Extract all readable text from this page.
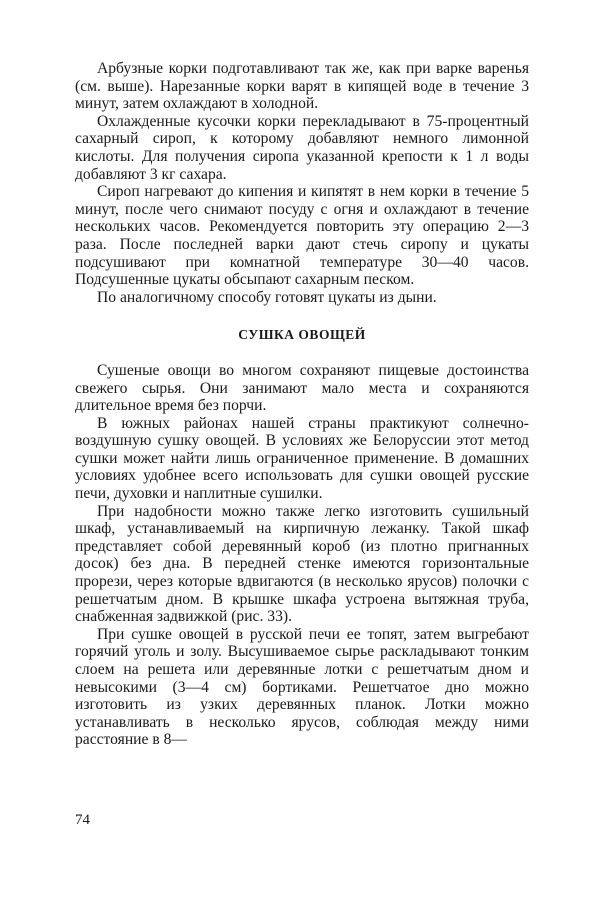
Арбузные корки подготавливают так же, как при варке варенья (см. выше). Нарезанные корки варят в кипящей воде в течение 3 минут, затем охлаждают в холодной.

Охлажденные кусочки корки перекладывают в 75-процентный сахарный сироп, к которому добавляют немного лимонной кислоты. Для получения сиропа указанной крепости к 1 л воды добавляют 3 кг сахара.

Сироп нагревают до кипения и кипятят в нем корки в течение 5 минут, после чего снимают посуду с огня и охлаждают в течение нескольких часов. Рекомендуется повторить эту операцию 2—3 раза. После последней варки дают стечь сиропу и цукаты подсушивают при комнатной температуре 30—40 часов. Подсушенные цукаты обсыпают сахарным песком.

По аналогичному способу готовят цукаты из дыни.

СУШКА ОВОЩЕЙ

Сушеные овощи во многом сохраняют пищевые достоинства свежего сырья. Они занимают мало места и сохраняются длительное время без порчи.

В южных районах нашей страны практикуют солнечно-воздушную сушку овощей. В условиях же Белоруссии этот метод сушки может найти лишь ограниченное применение. В домашних условиях удобнее всего использовать для сушки овощей русские печи, духовки и наплитные сушилки.

При надобности можно также легко изготовить сушильный шкаф, устанавливаемый на кирпичную лежанку. Такой шкаф представляет собой деревянный короб (из плотно пригнанных досок) без дна. В передней стенке имеются горизонтальные прорези, через которые вдвигаются (в несколько ярусов) полочки с решетчатым дном. В крышке шкафа устроена вытяжная труба, снабженная задвижкой (рис. 33).

При сушке овощей в русской печи ее топят, затем выгребают горячий уголь и золу. Высушиваемое сырье раскладывают тонким слоем на решета или деревянные лотки с решетчатым дном и невысокими (3—4 см) бортиками. Решетчатое дно можно изготовить из узких деревянных планок. Лотки можно устанавливать в несколько ярусов, соблюдая между ними расстояние в 8—

74
